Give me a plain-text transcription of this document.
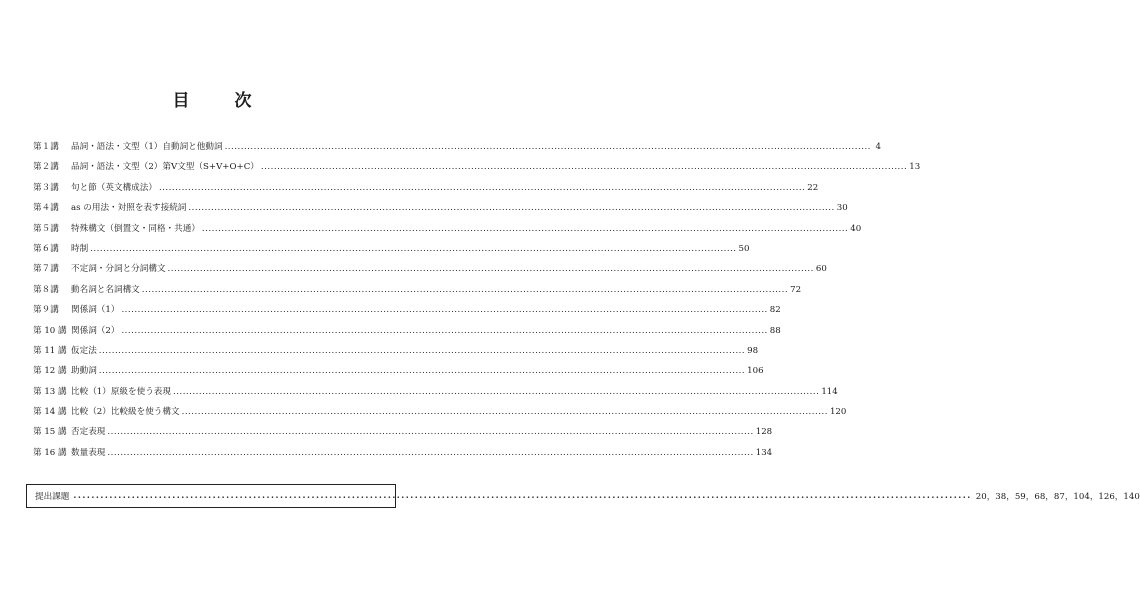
目　次
第１講	品詞・語法・文型（1）自動詞と他動詞 ........................................................................................................................................................................................................ 4
第２講	品詞・語法・文型（2）第Ⅴ文型（S+V+O+C） ........................................................................................................................................................................................................ 13
第３講	句と節（英文構成法） ........................................................................................................................................................................................................ 22
第４講	as の用法・対照を表す接続詞 ........................................................................................................................................................................................................ 30
第５講	特殊構文（倒置文・同格・共通） ........................................................................................................................................................................................................ 40
第６講	時制 ........................................................................................................................................................................................................ 50
第７講	不定詞・分詞と分詞構文 ........................................................................................................................................................................................................ 60
第８講	動名詞と名詞構文 ........................................................................................................................................................................................................ 72
第９講	関係詞（1） ........................................................................................................................................................................................................ 82
第 10 講 関係詞（2） ........................................................................................................................................................................................................ 88
第 11 講 仮定法 ........................................................................................................................................................................................................ 98
第 12 講 助動詞 ........................................................................................................................................................................................................ 106
第 13 講 比較（1）原級を使う表現 ........................................................................................................................................................................................................ 114
第 14 講 比較（2）比較級を使う構文 ........................................................................................................................................................................................................ 120
第 15 講 否定表現 ........................................................................................................................................................................................................ 128
第 16 講 数量表現 ........................................................................................................................................................................................................ 134
提出課題 ........................................................................................................................................................................................................ 20，38，59，68，87，104，126，140
